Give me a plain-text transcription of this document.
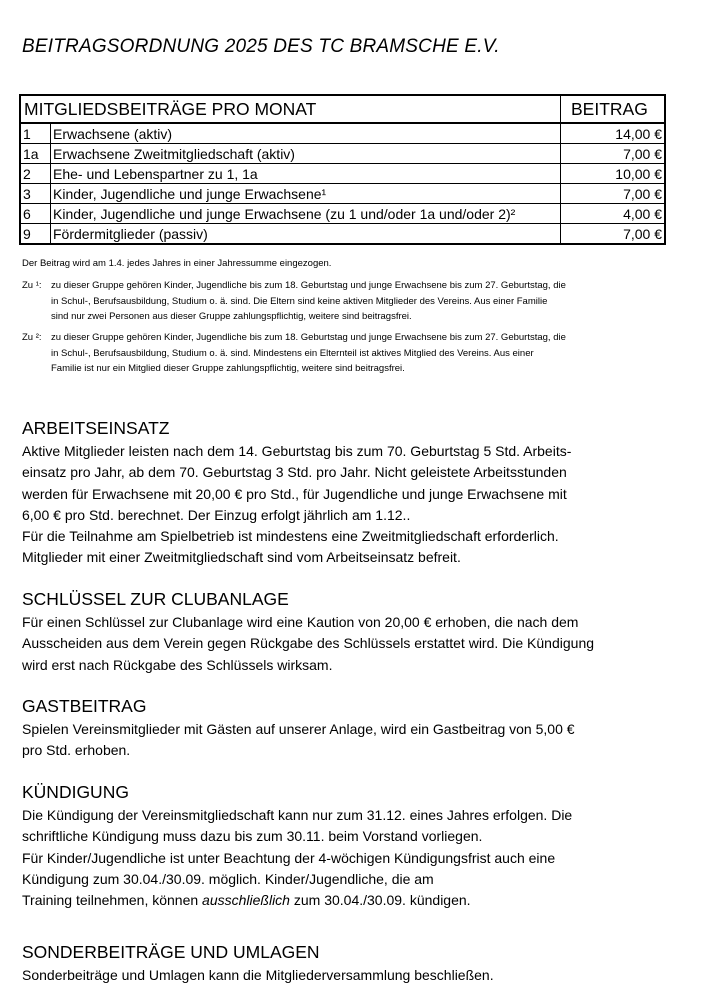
BEITRAGSORDNUNG 2025 DES TC BRAMSCHE E.V.
MITGLIEDSBEITRÄGE PRO MONAT		BEITRAG
1	Erwachsene (aktiv)	14,00 €
1a	Erwachsene Zweitmitgliedschaft (aktiv)	7,00 €
2	Ehe- und Lebenspartner zu 1, 1a	10,00 €
3	Kinder, Jugendliche und junge Erwachsene¹	7,00 €
6	Kinder, Jugendliche und junge Erwachsene (zu 1 und/oder 1a und/oder 2)²	4,00 €
9	Fördermitglieder (passiv)	7,00 €
Der Beitrag wird am 1.4. jedes Jahres in einer Jahressumme eingezogen.
Zu ¹: zu dieser Gruppe gehören Kinder, Jugendliche bis zum 18. Geburtstag und junge Erwachsene bis zum 27. Geburtstag, die
in Schul-, Berufsausbildung, Studium o. ä. sind. Die Eltern sind keine aktiven Mitglieder des Vereins. Aus einer Familie
sind nur zwei Personen aus dieser Gruppe zahlungspflichtig, weitere sind beitragsfrei.
Zu ²: zu dieser Gruppe gehören Kinder, Jugendliche bis zum 18. Geburtstag und junge Erwachsene bis zum 27. Geburtstag, die
in Schul-, Berufsausbildung, Studium o. ä. sind. Mindestens ein Elternteil ist aktives Mitglied des Vereins. Aus einer
Familie ist nur ein Mitglied dieser Gruppe zahlungspflichtig, weitere sind beitragsfrei.
ARBEITSEINSATZ
Aktive Mitglieder leisten nach dem 14. Geburtstag bis zum 70. Geburtstag 5 Std. Arbeits-
einsatz pro Jahr, ab dem 70. Geburtstag 3 Std. pro Jahr. Nicht geleistete Arbeitsstunden
werden für Erwachsene mit 20,00 € pro Std., für Jugendliche und junge Erwachsene mit
6,00 € pro Std. berechnet. Der Einzug erfolgt jährlich am 1.12..
Für die Teilnahme am Spielbetrieb ist mindestens eine Zweitmitgliedschaft erforderlich.
Mitglieder mit einer Zweitmitgliedschaft sind vom Arbeitseinsatz befreit.
SCHLÜSSEL ZUR CLUBANLAGE
Für einen Schlüssel zur Clubanlage wird eine Kaution von 20,00 € erhoben, die nach dem
Ausscheiden aus dem Verein gegen Rückgabe des Schlüssels erstattet wird. Die Kündigung
wird erst nach Rückgabe des Schlüssels wirksam.
GASTBEITRAG
Spielen Vereinsmitglieder mit Gästen auf unserer Anlage, wird ein Gastbeitrag von 5,00 €
pro Std. erhoben.
KÜNDIGUNG
Die Kündigung der Vereinsmitgliedschaft kann nur zum 31.12. eines Jahres erfolgen. Die
schriftliche Kündigung muss dazu bis zum 30.11. beim Vorstand vorliegen.
Für Kinder/Jugendliche ist unter Beachtung der 4-wöchigen Kündigungsfrist auch eine
Kündigung zum 30.04./30.09. möglich. Kinder/Jugendliche, die am
Training teilnehmen, können ausschließlich zum 30.04./30.09. kündigen.
SONDERBEITRÄGE UND UMLAGEN
Sonderbeiträge und Umlagen kann die Mitgliederversammlung beschließen.
